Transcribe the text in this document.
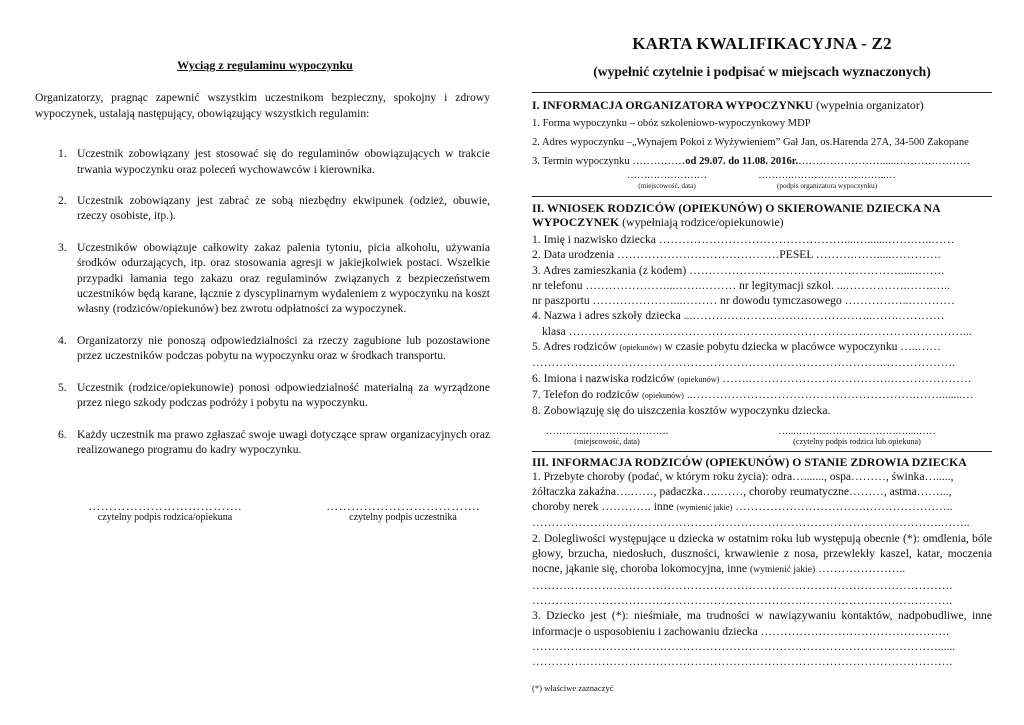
Wyciąg z regulaminu wypoczynku
Organizatorzy, pragnąc zapewnić wszystkim uczestnikom bezpieczny, spokojny i zdrowy wypoczynek, ustalają następujący, obowiązujący wszystkich regulamin:
1. Uczestnik zobowiązany jest stosować się do regulaminów obowiązujących w trakcie trwania wypoczynku oraz poleceń wychowawców i kierownika.
2. Uczestnik zobowiązany jest zabrać ze sobą niezbędny ekwipunek (odzież, obuwie, rzeczy osobiste, itp.).
3. Uczestników obowiązuje całkowity zakaz palenia tytoniu, picia alkoholu, używania środków odurzających, itp. oraz stosowania agresji w jakiejkolwiek postaci. Wszelkie przypadki łamania tego zakazu oraz regulaminów związanych z bezpieczeństwem uczestników będą karane, łącznie z dyscyplinarnym wydaleniem z wypoczynku na koszt własny (rodziców/opiekunów) bez zwrotu odpłatności za wypoczynek.
4. Organizatorzy nie ponoszą odpowiedzialności za rzeczy zagubione lub pozostawione przez uczestników podczas pobytu na wypoczynku oraz w środkach transportu.
5. Uczestnik (rodzice/opiekunowie) ponosi odpowiedzialność materialną za wyrządzone przez niego szkody podczas podróży i pobytu na wypoczynku.
6. Każdy uczestnik ma prawo zgłaszać swoje uwagi dotyczące spraw organizacyjnych oraz realizowanego programu do kadry wypoczynku.
……………………………….
czytelny podpis rodzica/opiekuna
……………………………….
czytelny podpis uczestnika
KARTA KWALIFIKACYJNA - Z2
(wypełnić czytelnie i podpisać w miejscach wyznaczonych)
I. INFORMACJA ORGANIZATORA WYPOCZYNKU (wypełnia organizator)
1. Forma wypoczynku – obóz szkoleniowo-wypoczynkowy MDP
2. Adres wypoczynku –„Wynajem Pokoi z Wyżywieniem” Gał Jan, os.Harenda 27A, 34-500 Zakopane
3. Termin wypoczynku ……………od 29.07. do 11.08. 2016r.…………………….....…………………
……………………
(miejscowość, data)
……….………………………..…
(podpis organizatora wypoczynku)
II. WNIOSEK RODZICÓW (OPIEKUNÓW) O SKIEROWANIE DZIECKA NA
WYPOCZYNEK (wypełniają rodzice/opiekunowie)
1. Imię i nazwisko dziecka …………………………………………....….......…….…..……
2. Data urodzenia ……………………………………PESEL ……….…….....………….
3. Adres zamieszkania (z kodem) ……………………………………………….......…….
nr telefonu …………………...…….……… nr legitymacji szkol. ...…………….…….…..
nr paszportu …………………...……… nr dowodu tymczasowego ……………..…………
4. Nazwa i adres szkoły dziecka ...………………………………………..…….…………
klasa …………………………………………………………………………………………...
5. Adres rodziców (opiekunów) w czasie pobytu dziecka w placówce wypoczynku …..……
……………………………………………………………………………….……………….
6. Imiona i nazwiska rodziców (opiekunów) …….……………………………….…………………
7. Telefon do rodziców (opiekunów) ..………………………………………………….……........…
8. Zobowiązuję się do uiszczenia kosztów wypoczynku dziecka.
……………………………….
(miejscowość, data)
…...………………………….…...……
(czytelny podpis rodzica lub opiekuna)
III. INFORMACJA RODZICÓW (OPIEKUNÓW) O STANIE ZDROWIA DZIECKA
1. Przebyte choroby (podać, w którym roku życia): odra…......., ospa………, świnka….....,
żółtaczka zakaźna….……, padaczka…..……, choroby reumatyczne………, astma……...,
choroby nerek …………. inne (wymienić jakie) …………………………….…………………..
…………………………………………………………………………………………….……..
2. Dolegliwości występujące u dziecka w ostatnim roku lub występują obecnie (*): omdlenia, bóle głowy, brzucha, niedosłuch, duszności, krwawienie z nosa, przewlekły kaszel, katar, moczenia nocne, jąkanie się, choroba lokomocyjna, inne (wymienić jakie) …………………..
……………………………………………………………………………………………….
……………………………………………………………………………………………….
3. Dziecko jest (*): nieśmiałe, ma trudności w nawiązywaniu kontaktów, nadpobudliwe, inne informacje o usposobieniu i zachowaniu dziecka ………………………………………….
……………………………………………………………………………………………......
……………………………………………………………………………………………….
(*) właściwe zaznaczyć
